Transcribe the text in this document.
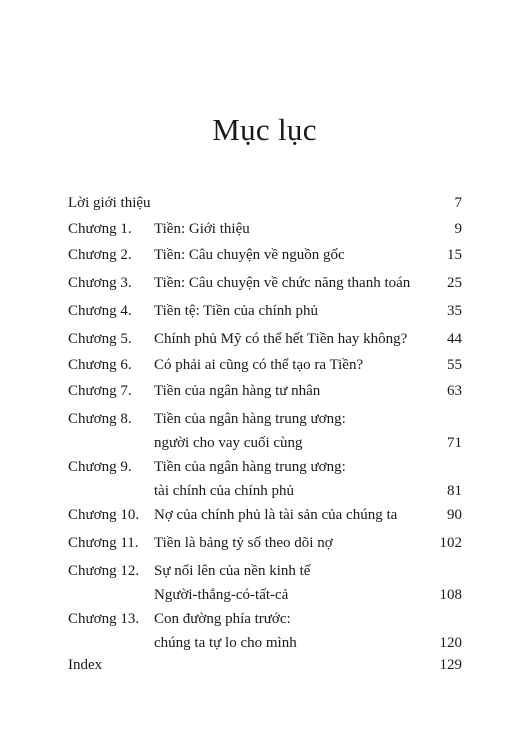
Mục lục
Lời giới thiệu	7
Chương 1. Tiền: Giới thiệu	9
Chương 2. Tiền: Câu chuyện về nguồn gốc	15
Chương 3. Tiền: Câu chuyện về chức năng thanh toán 25
Chương 4. Tiền tệ: Tiền của chính phủ	35
Chương 5. Chính phủ Mỹ có thể hết Tiền hay không?	44
Chương 6. Có phải ai cũng có thể tạo ra Tiền?	55
Chương 7. Tiền của ngân hàng tư nhân	63
Chương 8. Tiền của ngân hàng trung ương:
người cho vay cuối cùng	71
Chương 9. Tiền của ngân hàng trung ương:
tài chính của chính phủ	81
Chương 10. Nợ của chính phủ là tài sản của chúng ta	90
Chương 11. Tiền là bảng tỷ số theo dõi nợ	102
Chương 12. Sự nổi lên của nền kinh tế
Người-thắng-có-tất-cả	108
Chương 13. Con đường phía trước:
chúng ta tự lo cho mình	120
Index	129
